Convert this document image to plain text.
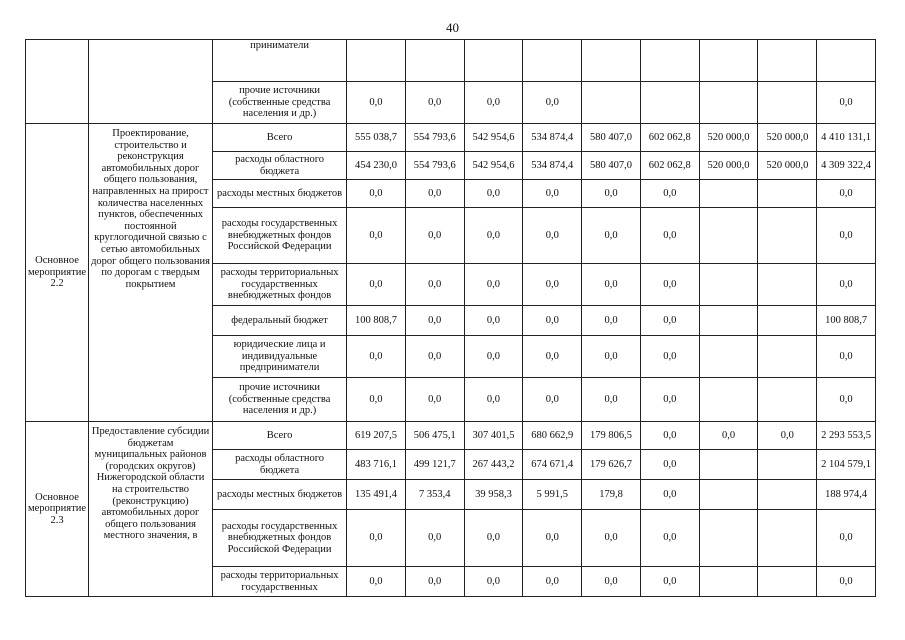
40
		приниматели									
		прочие источники (собственные средства населения и др.)	0,0	0,0	0,0	0,0					0,0
Основное мероприятие 2.2	Проектирование, строительство и реконструкция автомобильных дорог общего пользования, направленных на прирост количества населенных пунктов, обеспеченных постоянной круглогодичной связью с сетью автомобильных дорог общего пользования по дорогам с твердым покрытием	Всего	555 038,7	554 793,6	542 954,6	534 874,4	580 407,0	602 062,8	520 000,0	520 000,0	4 410 131,1
		расходы областного бюджета	454 230,0	554 793,6	542 954,6	534 874,4	580 407,0	602 062,8	520 000,0	520 000,0	4 309 322,4
		расходы местных бюджетов	0,0	0,0	0,0	0,0	0,0	0,0			0,0
		расходы государственных внебюджетных фондов Российской Федерации	0,0	0,0	0,0	0,0	0,0	0,0			0,0
		расходы территориальных государственных внебюджетных фондов	0,0	0,0	0,0	0,0	0,0	0,0			0,0
		федеральный бюджет	100 808,7	0,0	0,0	0,0	0,0	0,0			100 808,7
		юридические лица и индивидуальные предприниматели	0,0	0,0	0,0	0,0	0,0	0,0			0,0
		прочие источники (собственные средства населения и др.)	0,0	0,0	0,0	0,0	0,0	0,0			0,0
Основное мероприятие 2.3	Предоставление субсидии бюджетам муниципальных районов (городских округов) Нижегородской области на строительство (реконструкцию) автомобильных дорог общего пользования местного значения, в	Всего	619 207,5	506 475,1	307 401,5	680 662,9	179 806,5	0,0	0,0	0,0	2 293 553,5
		расходы областного бюджета	483 716,1	499 121,7	267 443,2	674 671,4	179 626,7	0,0			2 104 579,1
		расходы местных бюджетов	135 491,4	7 353,4	39 958,3	5 991,5	179,8	0,0			188 974,4
		расходы государственных внебюджетных фондов Российской Федерации	0,0	0,0	0,0	0,0	0,0	0,0			0,0
		расходы территориальных государственных	0,0	0,0	0,0	0,0	0,0	0,0			0,0
